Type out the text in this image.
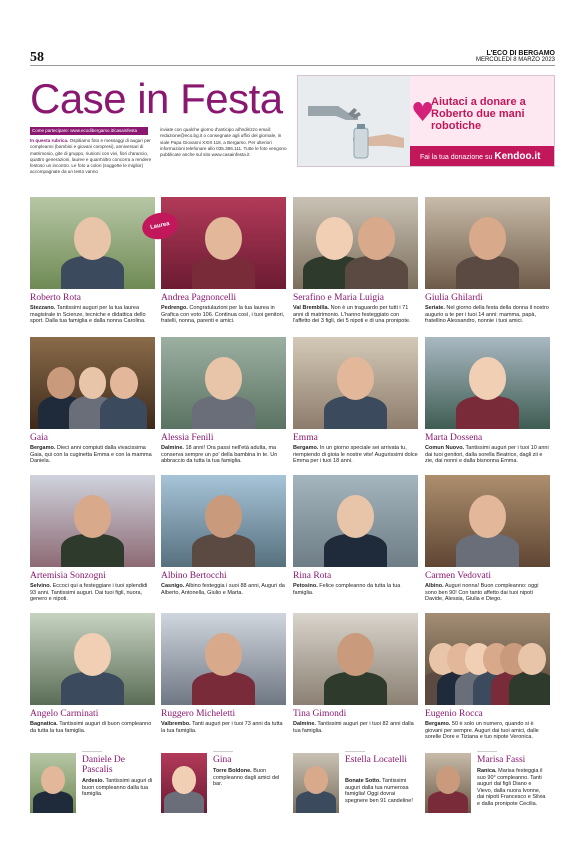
58	L'ECO DI BERGAMO
MERCOLEDÌ 8 MARZO 2023
Case in Festa
Come partecipare: www.ecodibergamo.it/casainfesta
In questa rubrica. Ospitiamo foto e messaggi di auguri per compleanni (bambini e giovani compresi), anniversari di matrimonio, gite di gruppo, riunioni con vivi, fiori d'arancio, quattro generazioni, lauree e quant'altro concorra a rendere festoso un incontro. Le foto a colori (soggette le miglior) accompagnate da un testo vanno
inviate con qualche giorno d'anticipo all'indirizzo email: redazione@eco.bg.it o consegnate agli uffici del giornale, in viale Papa Giovanni XXIII 118, a Bergamo. Per ulteriori informazioni telefonare allo 035.386.111. Tutte le foto vengono pubblicate anche sul sito www.casainfesta.it
♥
Aiutaci a donare a Roberto due mani robotiche
Fai la tua donazione su Kendoo.it
Roberto Rota
Stezzano. Tantissimi auguri per la tua laurea magistrale in Scienze, tecniche e didattica dello sport. Dalla tua famiglia e dalla nonna Carolina.
Andrea Pagnoncelli
Pedrengo. Congratulazioni per la tua laurea in Grafica con voto 106. Continua così, i tuoi genitori, fratelli, nonna, parenti e amici.
Serafino e Maria Luigia
Val Brembilla. Non è un traguardo per tutti i 71 anni di matrimonio. L'hanno festeggiato con l'affetto dei 3 figli, dei 5 nipoti e di una pronipote.
Giulia Ghilardi
Seriate. Nel giorno della festa della donna il nostro augurio a te per i tuoi 14 anni: mamma, papà, fratellino Alessandro, nonnie i tuoi amici.
Gaia
Bergamo. Dieci anni compiuti dalla vivacissima Gaia, qui con la cuginetta Emma e con la mamma Daniela.
Alessia Fenili
Dalmine. 18 anni! Ora passi nell'età adulta, ma conserva sempre un po' della bambina in te. Un abbraccio da tutta la tua famiglia.
Emma
Bergamo. In un giorno speciale sei arrivata tu, riempiendo di gioia le nostre vite! Augurissimi dolce Emma per i tuoi 18 anni.
Marta Dossena
Comun Nuovo. Tantissimi auguri per i tuoi 10 anni dai tuoi genitori, dalla sorella Beatrice, dagli zii e zie, dai nonni e dalla bisnonna Emma.
Artemisia Sonzogni
Selvino. Eccoci qui a festeggiare i tuoi splendidi 93 anni. Tantissimi auguri. Dai tuoi figli, nuora, genero e nipoti.
Albino Bertocchi
Casnigo. Albino festeggia i suoi 88 anni, Auguri da Alberto, Antonella, Giulio e Marta.
Rina Rota
Petosino. Felice compleanno da tutta la tua famiglia.
Carmen Vedovati
Albino. Auguri nonna! Buon compleanno: oggi sono ben 90! Con tanto affetto dai tuoi nipoti Davide, Alessia, Giulia e Diego.
Angelo Carminati
Bagnatica. Tantissimi auguri di buon compleanno da tutta la tua famiglia.
Ruggero Micheletti
Valbrembo. Tanti auguri per i tuoi 73 anni da tutta la tua famiglia.
Tina Gimondi
Dalmine. Tantissimi auguri per i tuoi 82 anni dalla tua famiglia.
Eugenio Rocca
Bergamo. 50 è solo un numero, quando si è giovani per sempre. Auguri dai tuoi amici, dalle sorelle Dore e Tiziana e tuo nipote Veronica.
Daniele De Pascalis
Ardesio. Tantissimi auguri di buon compleanno dalla tua famiglia.
Gina
Torre Boldone. Buon compleanno dagli amici del bar.
Estella Locatelli
Bonate Sotto. Tantissimi auguri dalla tua numerosa famiglia! Oggi dovrai spegnere ben 91 candeline!
Marisa Fassi
Ranica. Marisa festeggia il suo 90° compleanno. Tanti auguri dai figli Diano e Vievo, dalla nuora Ivonne, dai nipoti Francesco e Silvia e dalla pronipote Cecilia.
Laurea
